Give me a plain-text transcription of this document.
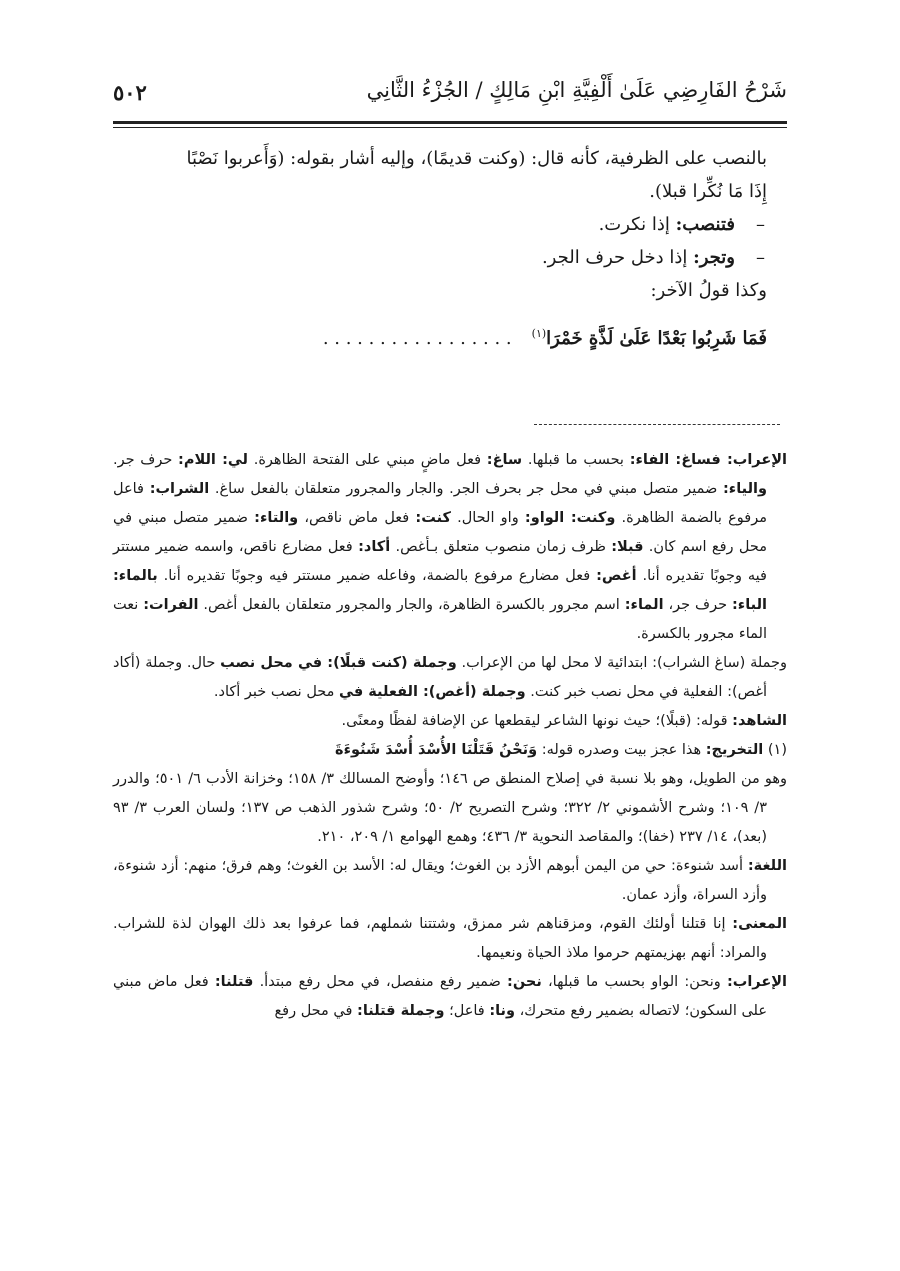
شَرْحُ الفَارِضِي عَلَىٰ أَلْفِيَّةِ ابْنِ مَالِكٍ / الجُزْءُ الثَّانِي
٥٠٢

بالنصب على الظرفية، كأنه قال: (وكنت قديمًا)، وإليه أشار بقوله: (وَأَعربوا نَصْبًا
إِذَا مَا نُكِّرا قبلا).

–فتنصب: إذا نكرت.

–وتجر: إذا دخل حرف الجر.

وكذا قولُ الآخر:

فَمَا شَرِبُوا بَعْدًا عَلَىٰ لَذَّةٍ خَمْرَا$^{(١)}$. . . . . . . . . . . . . . . . .

الإعراب: فساغ: الفاء: بحسب ما قبلها. ساغ: فعل ماضٍ مبني على الفتحة الظاهرة. لي: اللام: حرف جر. والياء: ضمير متصل مبني في محل جر بحرف الجر. والجار والمجرور متعلقان بالفعل ساغ. الشراب: فاعل مرفوع بالضمة الظاهرة. وكنت: الواو: واو الحال. كنت: فعل ماض ناقص، والتاء: ضمير متصل مبني في محل رفع اسم كان. قبلا: ظرف زمان منصوب متعلق بـأغص. أكاد: فعل مضارع ناقص، واسمه ضمير مستتر فيه وجوبًا تقديره أنا. أغص: فعل مضارع مرفوع بالضمة، وفاعله ضمير مستتر فيه وجوبًا تقديره أنا. بالماء: الباء: حرف جر، الماء: اسم مجرور بالكسرة الظاهرة، والجار والمجرور متعلقان بالفعل أغص. الفرات: نعت الماء مجرور بالكسرة.

وجملة (ساغ الشراب): ابتدائية لا محل لها من الإعراب. وجملة (كنت قبلًا): في محل نصب حال. وجملة (أكاد أغص): الفعلية في محل نصب خبر كنت. وجملة (أغص): الفعلية في محل نصب خبر أكاد.

الشاهد: قوله: (قبلًا)؛ حيث نونها الشاعر ليقطعها عن الإضافة لفظًا ومعنًى.

(١) التخريج: هذا عجز بيت وصدره قوله: وَنَحْنُ قَتَلْنَا الأُسْدَ أُسْدَ شَنُوءَةَ

وهو من الطويل، وهو بلا نسبة في إصلاح المنطق ص ١٤٦؛ وأوضح المسالك ٣/ ١٥٨؛ وخزانة الأدب ٦/ ٥٠١؛ والدرر ٣/ ١٠٩؛ وشرح الأشموني ٢/ ٣٢٢؛ وشرح التصريح ٢/ ٥٠؛ وشرح شذور الذهب ص ١٣٧؛ ولسان العرب ٣/ ٩٣ (بعد)، ١٤/ ٢٣٧ (خفا)؛ والمقاصد النحوية ٣/ ٤٣٦؛ وهمع الهوامع ١/ ٢٠٩، ٢١٠.

اللغة: أسد شنوءة: حي من اليمن أبوهم الأزد بن الغوث؛ ويقال له: الأسد بن الغوث؛ وهم فرق؛ منهم: أزد شنوءة، وأزد السراة، وأزد عمان.

المعنى: إنا قتلنا أولئك القوم، ومزقناهم شر ممزق، وشتتنا شملهم، فما عرفوا بعد ذلك الهوان لذة للشراب. والمراد: أنهم بهزيمتهم حرموا ملاذ الحياة ونعيمها.

الإعراب: ونحن: الواو بحسب ما قبلها، نحن: ضمير رفع منفصل، في محل رفع مبتدأ. قتلنا: فعل ماض مبني على السكون؛ لاتصاله بضمير رفع متحرك، ونا: فاعل؛ وجملة قتلنا: في محل رفع
